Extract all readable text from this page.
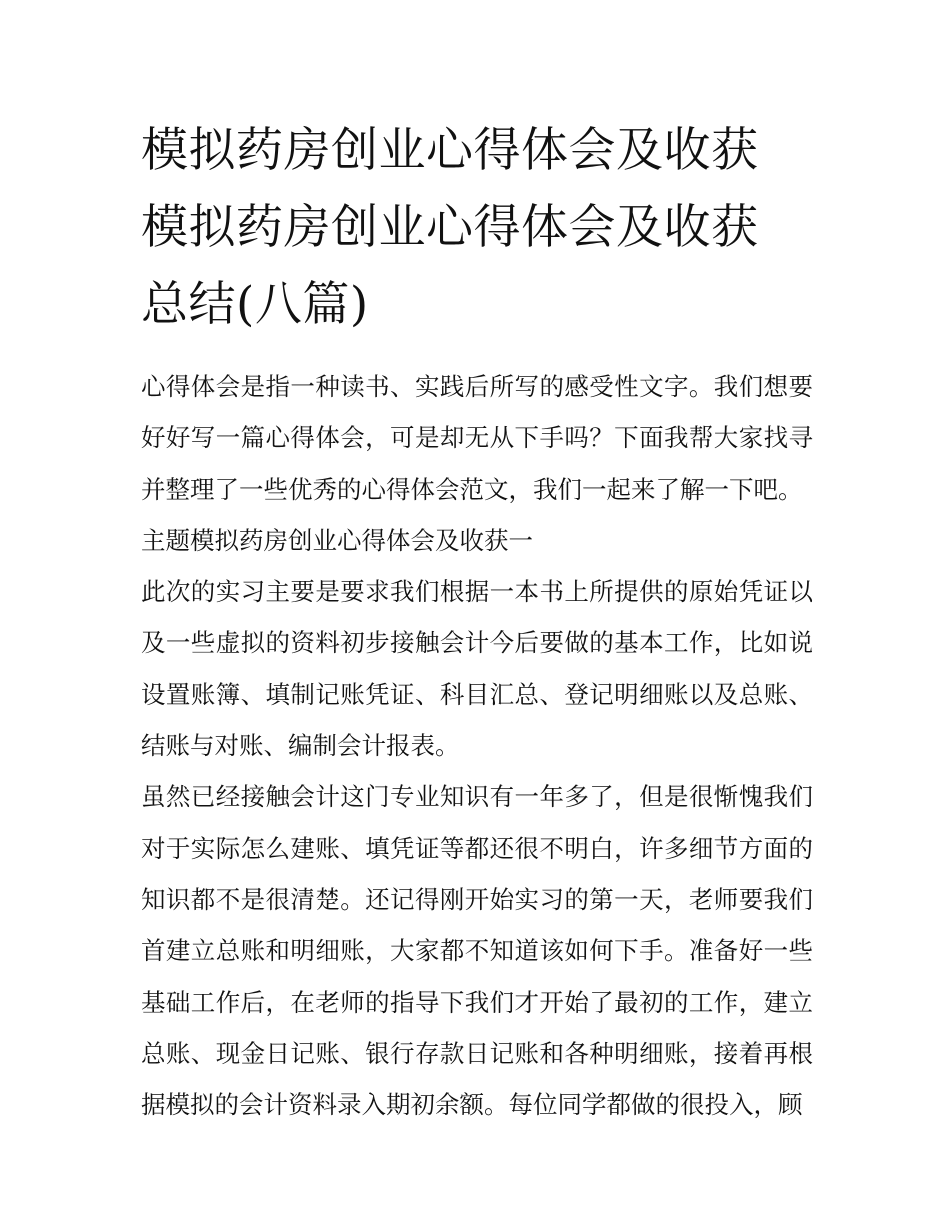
模拟药房创业心得体会及收获
模拟药房创业心得体会及收获
总结(八篇)

心得体会是指一种读书、实践后所写的感受性文字。我们想要好好写一篇心得体会，可是却无从下手吗？下面我帮大家找寻并整理了一些优秀的心得体会范文，我们一起来了解一下吧。

主题模拟药房创业心得体会及收获一

此次的实习主要是要求我们根据一本书上所提供的原始凭证以及一些虚拟的资料初步接触会计今后要做的基本工作，比如说设置账簿、填制记账凭证、科目汇总、登记明细账以及总账、结账与对账、编制会计报表。

虽然已经接触会计这门专业知识有一年多了，但是很惭愧我们对于实际怎么建账、填凭证等都还很不明白，许多细节方面的知识都不是很清楚。还记得刚开始实习的第一天，老师要我们首建立总账和明细账，大家都不知道该如何下手。准备好一些基础工作后，在老师的指导下我们才开始了最初的工作，建立总账、现金日记账、银行存款日记账和各种明细账，接着再根据模拟的会计资料录入期初余额。每位同学都做的很投入，顾
